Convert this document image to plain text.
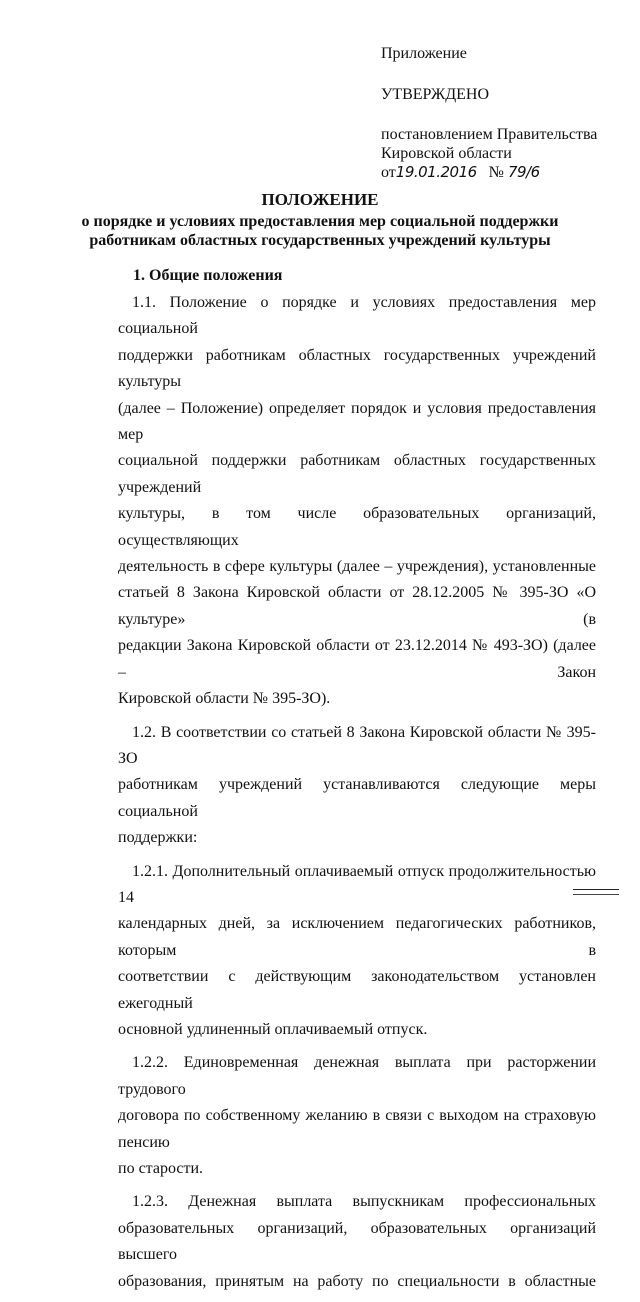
Приложение
УТВЕРЖДЕНО
постановлением Правительства
Кировской области
от19.01.2016 № 79/6
ПОЛОЖЕНИЕ
о порядке и условиях предоставления мер социальной поддержки
работникам областных государственных учреждений культуры
1. Общие положения
1.1. Положение о порядке и условиях предоставления мер социальной
поддержки работникам областных государственных учреждений культуры
(далее – Положение) определяет порядок и условия предоставления мер
социальной поддержки работникам областных государственных учреждений
культуры, в том числе образовательных организаций, осуществляющих
деятельность в сфере культуры (далее – учреждения), установленные
статьей 8 Закона Кировской области от 28.12.2005 № 395-ЗО «О культуре» (в
редакции Закона Кировской области от 23.12.2014 № 493-ЗО) (далее – Закон
Кировской области № 395-ЗО).
1.2. В соответствии со статьей 8 Закона Кировской области № 395-ЗО
работникам учреждений устанавливаются следующие меры социальной
поддержки:
1.2.1. Дополнительный оплачиваемый отпуск продолжительностью 14
календарных дней, за исключением педагогических работников, которым в
соответствии с действующим законодательством установлен ежегодный
основной удлиненный оплачиваемый отпуск.
1.2.2. Единовременная денежная выплата при расторжении трудового
договора по собственному желанию в связи с выходом на страховую пенсию
по старости.
1.2.3. Денежная выплата выпускникам профессиональных
образовательных организаций, образовательных организаций высшего
образования, принятым на работу по специальности в областные
